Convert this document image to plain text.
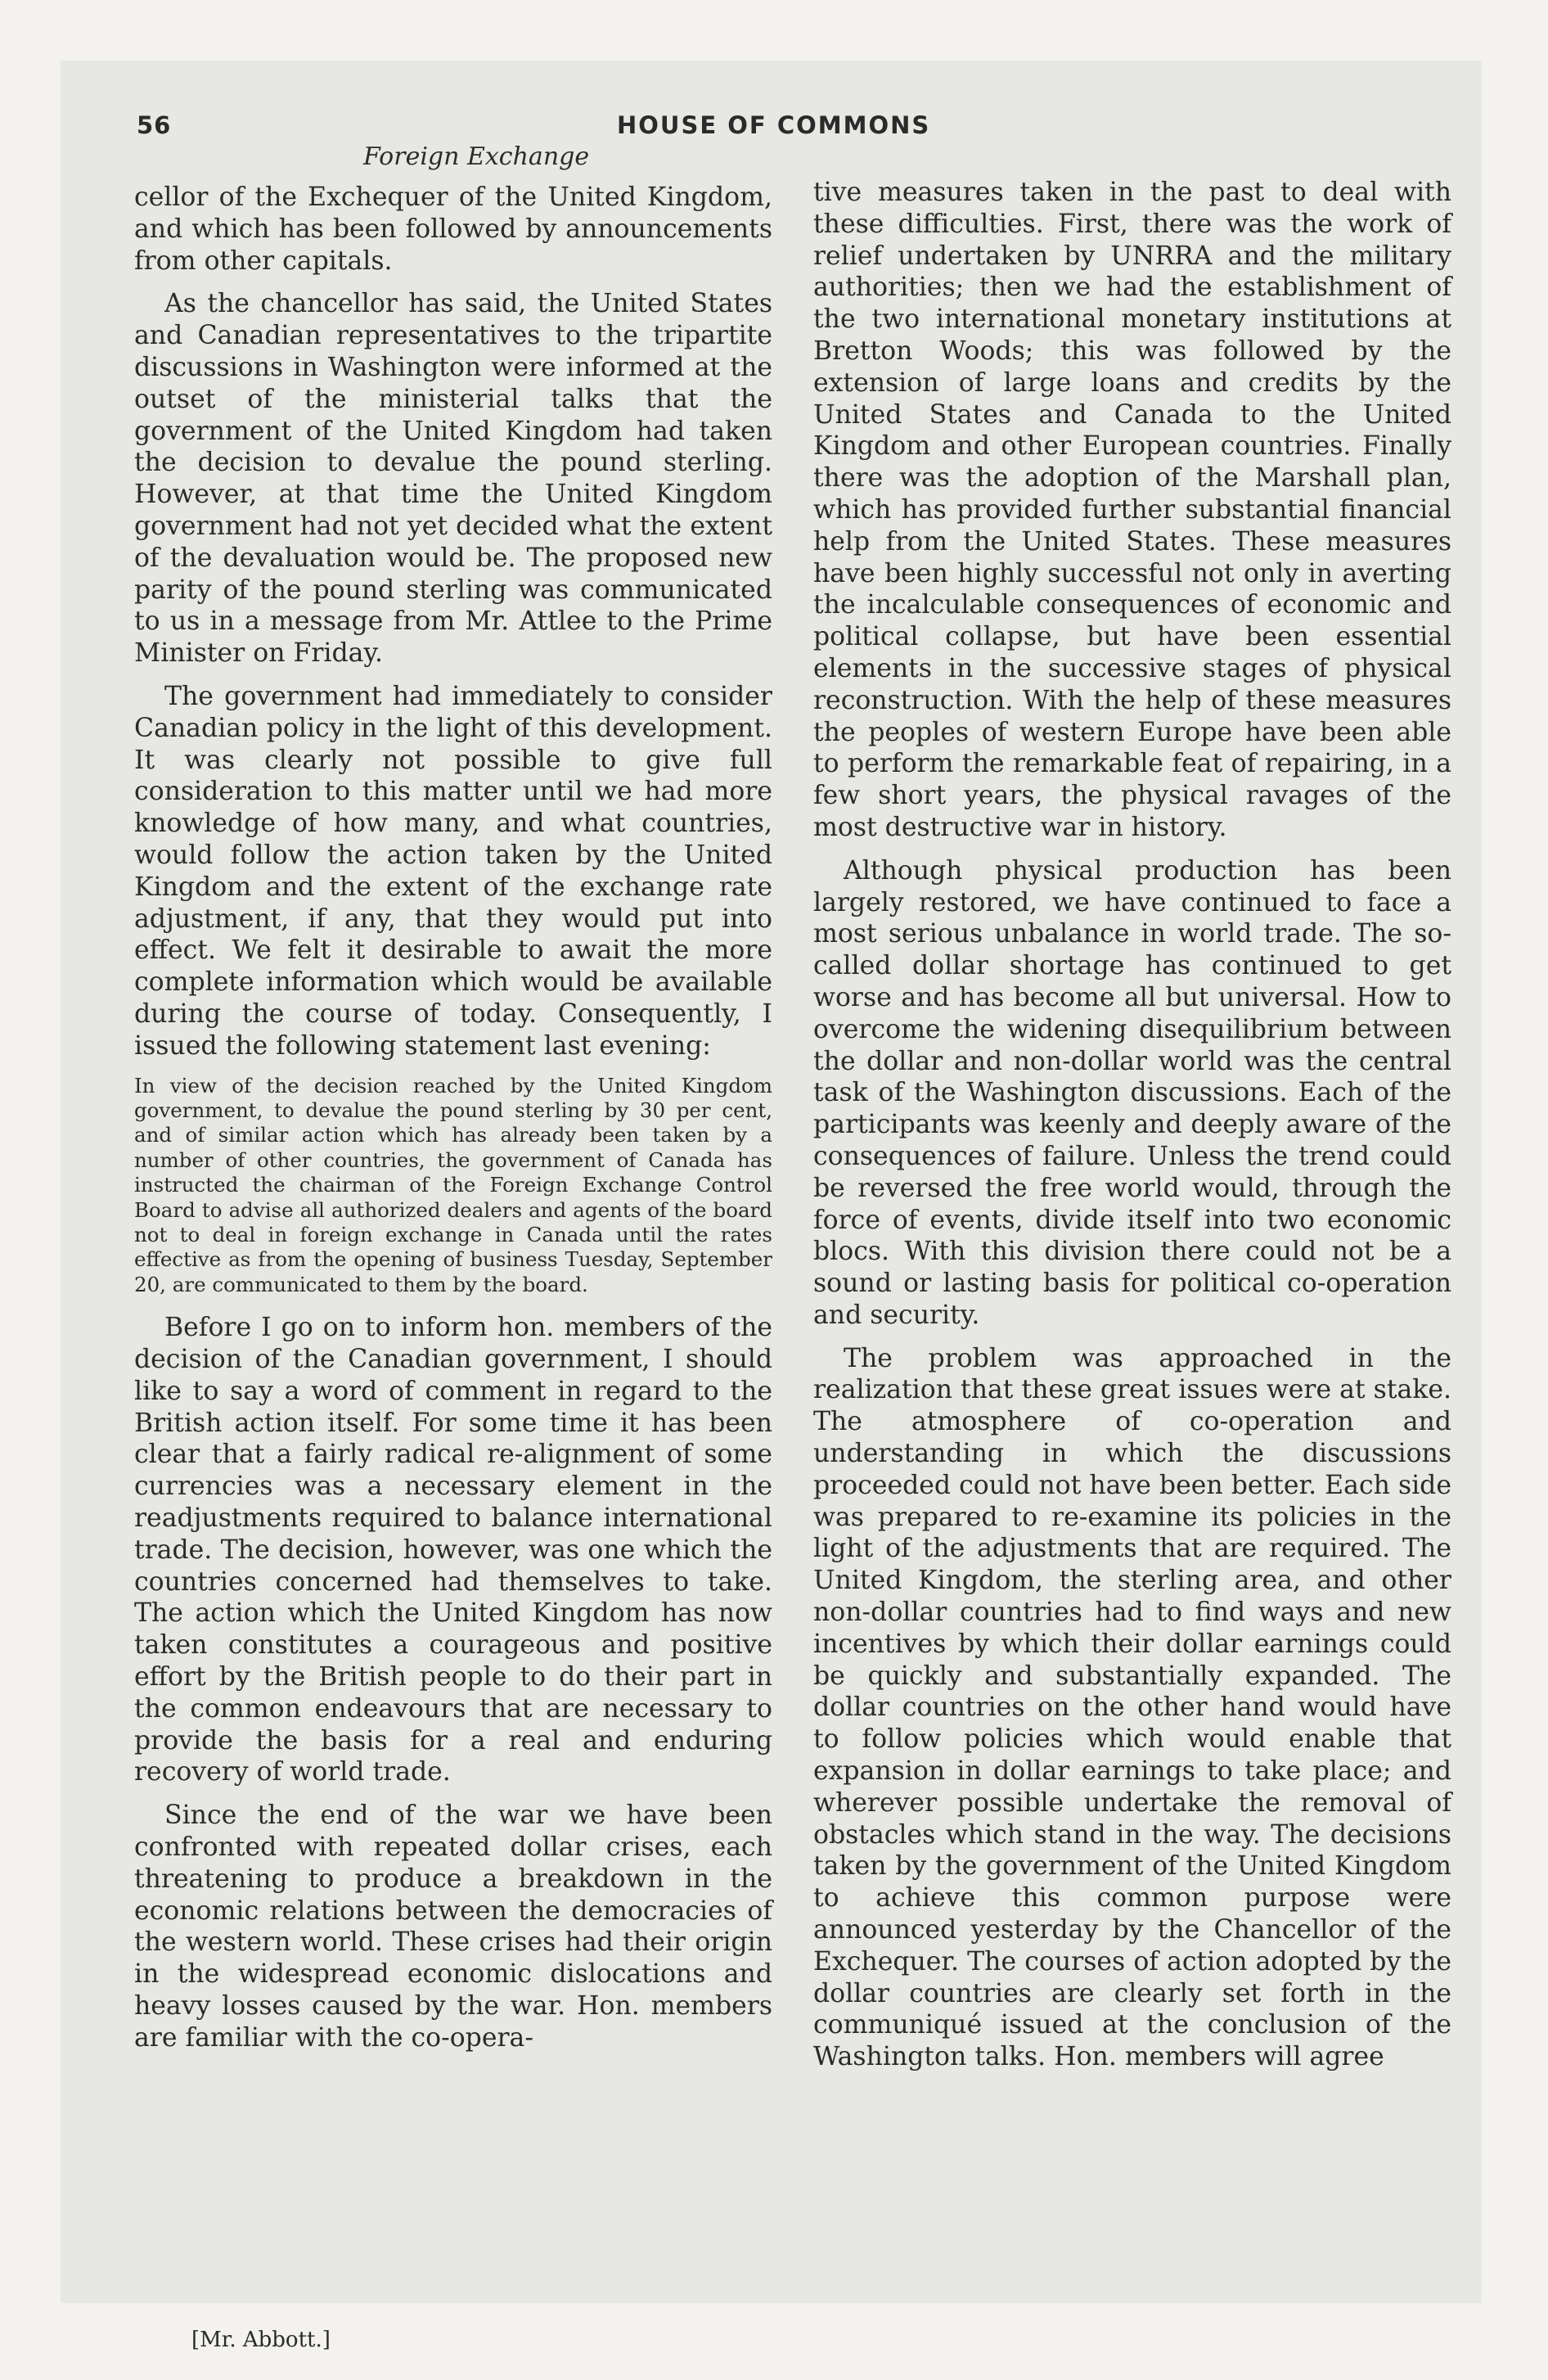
56	HOUSE OF COMMONS
Foreign Exchange

cellor of the Exchequer of the United Kingdom, and which has been followed by announcements from other capitals.

As the chancellor has said, the United States and Canadian representatives to the tripartite discussions in Washington were informed at the outset of the ministerial talks that the government of the United Kingdom had taken the decision to devalue the pound sterling. However, at that time the United Kingdom government had not yet decided what the extent of the devaluation would be. The proposed new parity of the pound sterling was communicated to us in a message from Mr. Attlee to the Prime Minister on Friday.

The government had immediately to consider Canadian policy in the light of this development. It was clearly not possible to give full consideration to this matter until we had more knowledge of how many, and what countries, would follow the action taken by the United Kingdom and the extent of the exchange rate adjustment, if any, that they would put into effect. We felt it desirable to await the more complete information which would be available during the course of today. Consequently, I issued the following statement last evening:

In view of the decision reached by the United Kingdom government, to devalue the pound sterling by 30 per cent, and of similar action which has already been taken by a number of other countries, the government of Canada has instructed the chairman of the Foreign Exchange Control Board to advise all authorized dealers and agents of the board not to deal in foreign exchange in Canada until the rates effective as from the opening of business Tuesday, September 20, are communicated to them by the board.

Before I go on to inform hon. members of the decision of the Canadian government, I should like to say a word of comment in regard to the British action itself. For some time it has been clear that a fairly radical re-alignment of some currencies was a necessary element in the readjustments required to balance international trade. The decision, however, was one which the countries concerned had themselves to take. The action which the United Kingdom has now taken constitutes a courageous and positive effort by the British people to do their part in the common endeavours that are necessary to provide the basis for a real and enduring recovery of world trade.

Since the end of the war we have been confronted with repeated dollar crises, each threatening to produce a breakdown in the economic relations between the democracies of the western world. These crises had their origin in the widespread economic dislocations and heavy losses caused by the war. Hon. members are familiar with the co-opera-

tive measures taken in the past to deal with these difficulties. First, there was the work of relief undertaken by UNRRA and the military authorities; then we had the establishment of the two international monetary institutions at Bretton Woods; this was followed by the extension of large loans and credits by the United States and Canada to the United Kingdom and other European countries. Finally there was the adoption of the Marshall plan, which has provided further substantial financial help from the United States. These measures have been highly successful not only in averting the incalculable consequences of economic and political collapse, but have been essential elements in the successive stages of physical reconstruction. With the help of these measures the peoples of western Europe have been able to perform the remarkable feat of repairing, in a few short years, the physical ravages of the most destructive war in history.

Although physical production has been largely restored, we have continued to face a most serious unbalance in world trade. The so-called dollar shortage has continued to get worse and has become all but universal. How to overcome the widening disequilibrium between the dollar and non-dollar world was the central task of the Washington discussions. Each of the participants was keenly and deeply aware of the consequences of failure. Unless the trend could be reversed the free world would, through the force of events, divide itself into two economic blocs. With this division there could not be a sound or lasting basis for political co-operation and security.

The problem was approached in the realization that these great issues were at stake. The atmosphere of co-operation and understanding in which the discussions proceeded could not have been better. Each side was prepared to re-examine its policies in the light of the adjustments that are required. The United Kingdom, the sterling area, and other non-dollar countries had to find ways and new incentives by which their dollar earnings could be quickly and substantially expanded. The dollar countries on the other hand would have to follow policies which would enable that expansion in dollar earnings to take place; and wherever possible undertake the removal of obstacles which stand in the way. The decisions taken by the government of the United Kingdom to achieve this common purpose were announced yesterday by the Chancellor of the Exchequer. The courses of action adopted by the dollar countries are clearly set forth in the communiqué issued at the conclusion of the Washington talks. Hon. members will agree

[Mr. Abbott.]
